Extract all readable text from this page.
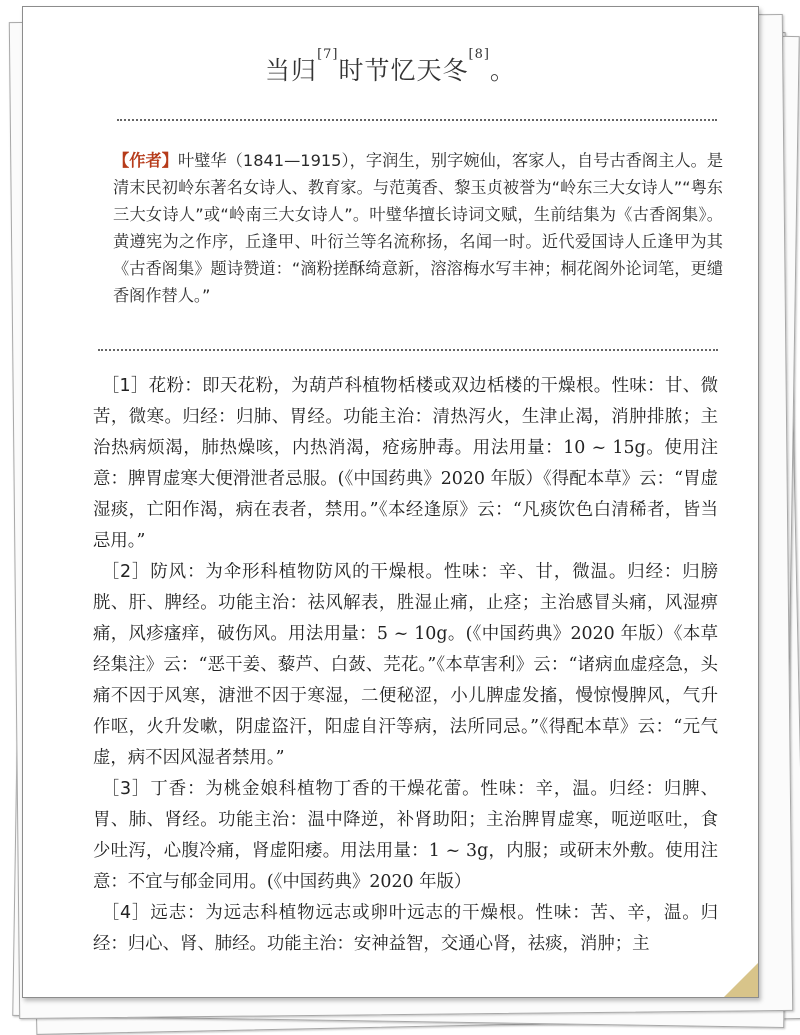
当归[7]时节忆天冬[8]。
【作者】叶璧华（1841—1915），字润生，别字婉仙，客家人，自号古香阁主人。是清末民初岭东著名女诗人、教育家。与范荑香、黎玉贞被誉为“岭东三大女诗人”“粤东三大女诗人”或“岭南三大女诗人”。叶璧华擅长诗词文赋，生前结集为《古香阁集》。黄遵宪为之作序，丘逢甲、叶衍兰等名流称扬，名闻一时。近代爱国诗人丘逢甲为其《古香阁集》题诗赞道：“滴粉搓酥绮意新，溶溶梅水写丰神；桐花阁外论词笔，更缱香阁作替人。”

［1］花粉：即天花粉，为葫芦科植物栝楼或双边栝楼的干燥根。性味：甘、微苦，微寒。归经：归肺、胃经。功能主治：清热泻火，生津止渴，消肿排脓；主治热病烦渴，肺热燥咳，内热消渴，疮疡肿毒。用法用量：10 ~ 15g。使用注意：脾胃虚寒大便滑泄者忌服。(《中国药典》2020 年版）《得配本草》云：“胃虚湿痰，亡阳作渴，病在表者，禁用。”《本经逢原》云：“凡痰饮色白清稀者，皆当忌用。”

［2］防风：为伞形科植物防风的干燥根。性味：辛、甘，微温。归经：归膀胱、肝、脾经。功能主治：祛风解表，胜湿止痛，止痉；主治感冒头痛，风湿痹痛，风疹瘙痒，破伤风。用法用量：5 ~ 10g。(《中国药典》2020 年版）《本草经集注》云：“恶干姜、藜芦、白蔹、芫花。”《本草害利》云：“诸病血虚痉急，头痛不因于风寒，溏泄不因于寒湿，二便秘涩，小儿脾虚发搐，慢惊慢脾风，气升作呕，火升发嗽，阴虚盗汗，阳虚自汗等病，法所同忌。”《得配本草》云：“元气虚，病不因风湿者禁用。”

［3］丁香：为桃金娘科植物丁香的干燥花蕾。性味：辛，温。归经：归脾、胃、肺、肾经。功能主治：温中降逆，补肾助阳；主治脾胃虚寒，呃逆呕吐，食少吐泻，心腹冷痛，肾虚阳痿。用法用量：1 ~ 3g，内服；或研末外敷。使用注意：不宜与郁金同用。(《中国药典》2020 年版）

［4］远志：为远志科植物远志或卵叶远志的干燥根。性味：苦、辛，温。归经：归心、肾、肺经。功能主治：安神益智，交通心肾，祛痰，消肿；主
